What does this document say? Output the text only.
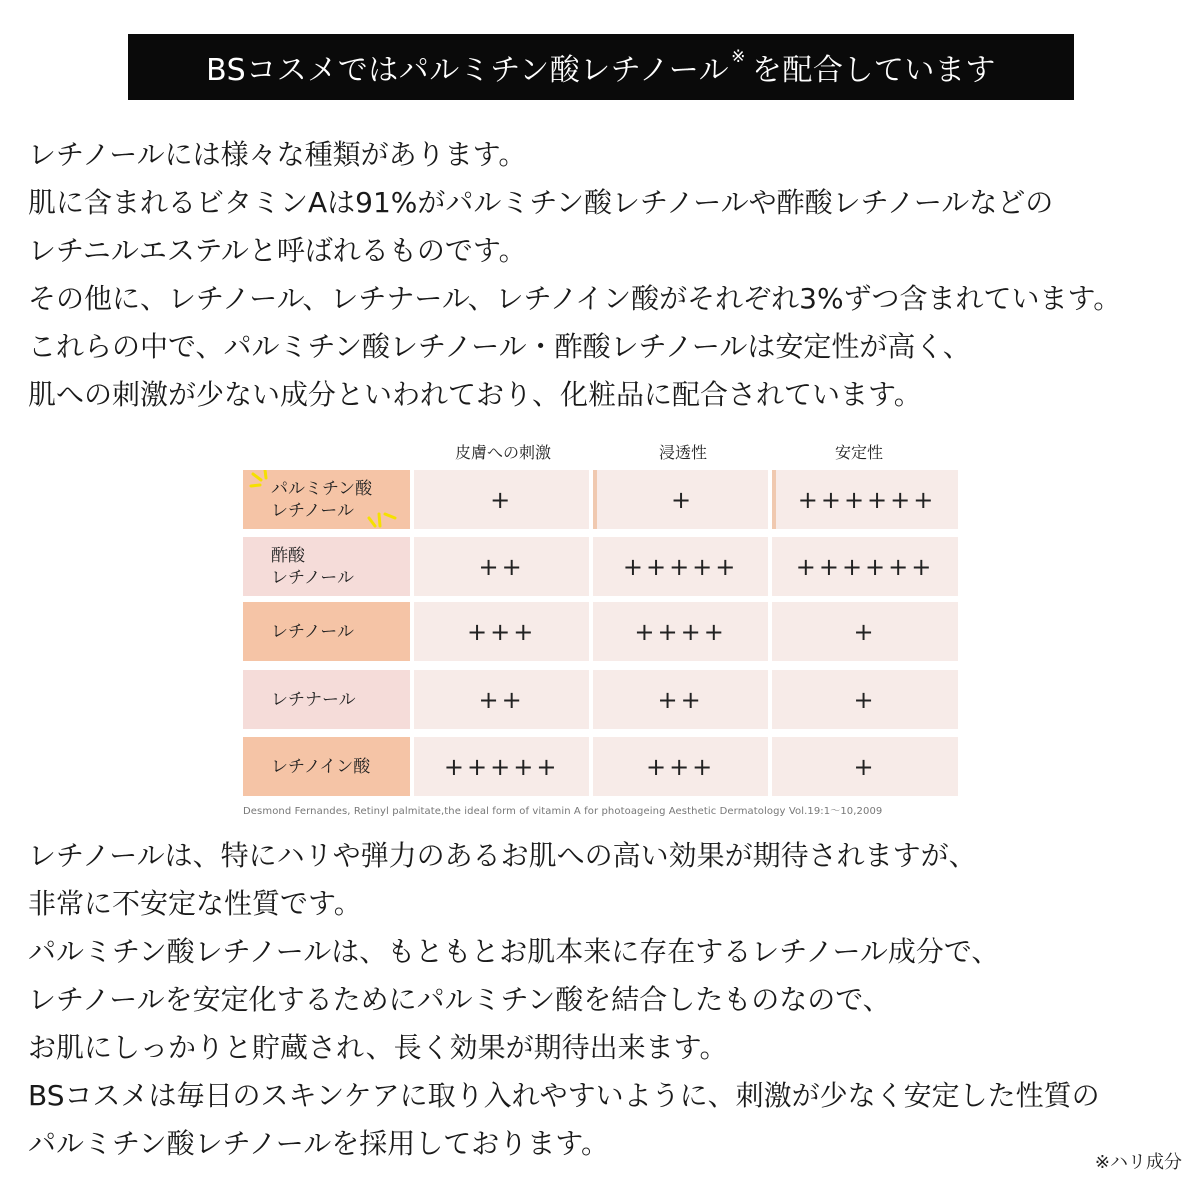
BSコスメではパルミチン酸レチノール※ を配合しています
レチノールには様々な種類があります。
肌に含まれるビタミンAは91%がパルミチン酸レチノールや酢酸レチノールなどの
レチニルエステルと呼ばれるものです。
その他に、レチノール、レチナール、レチノイン酸がそれぞれ3%ずつ含まれています。
これらの中で、パルミチン酸レチノール・酢酸レチノールは安定性が高く、
肌への刺激が少ない成分といわれており、化粧品に配合されています。
皮膚への刺激	浸透性	安定性
パルミチン酸
レチノール	+	+	++++++
酢酸
レチノール	++	+++++	++++++
レチノール	+++	++++	+
レチナール	++	++	+
レチノイン酸	+++++	+++	+
Desmond Fernandes, Retinyl palmitate,the ideal form of vitamin A for photoageing Aesthetic Dermatology Vol.19:1～10,2009
レチノールは、特にハリや弾力のあるお肌への高い効果が期待されますが、
非常に不安定な性質です。
パルミチン酸レチノールは、もともとお肌本来に存在するレチノール成分で、
レチノールを安定化するためにパルミチン酸を結合したものなので、
お肌にしっかりと貯蔵され、長く効果が期待出来ます。
BSコスメは毎日のスキンケアに取り入れやすいように、刺激が少なく安定した性質の
パルミチン酸レチノールを採用しております。
※ハリ成分
